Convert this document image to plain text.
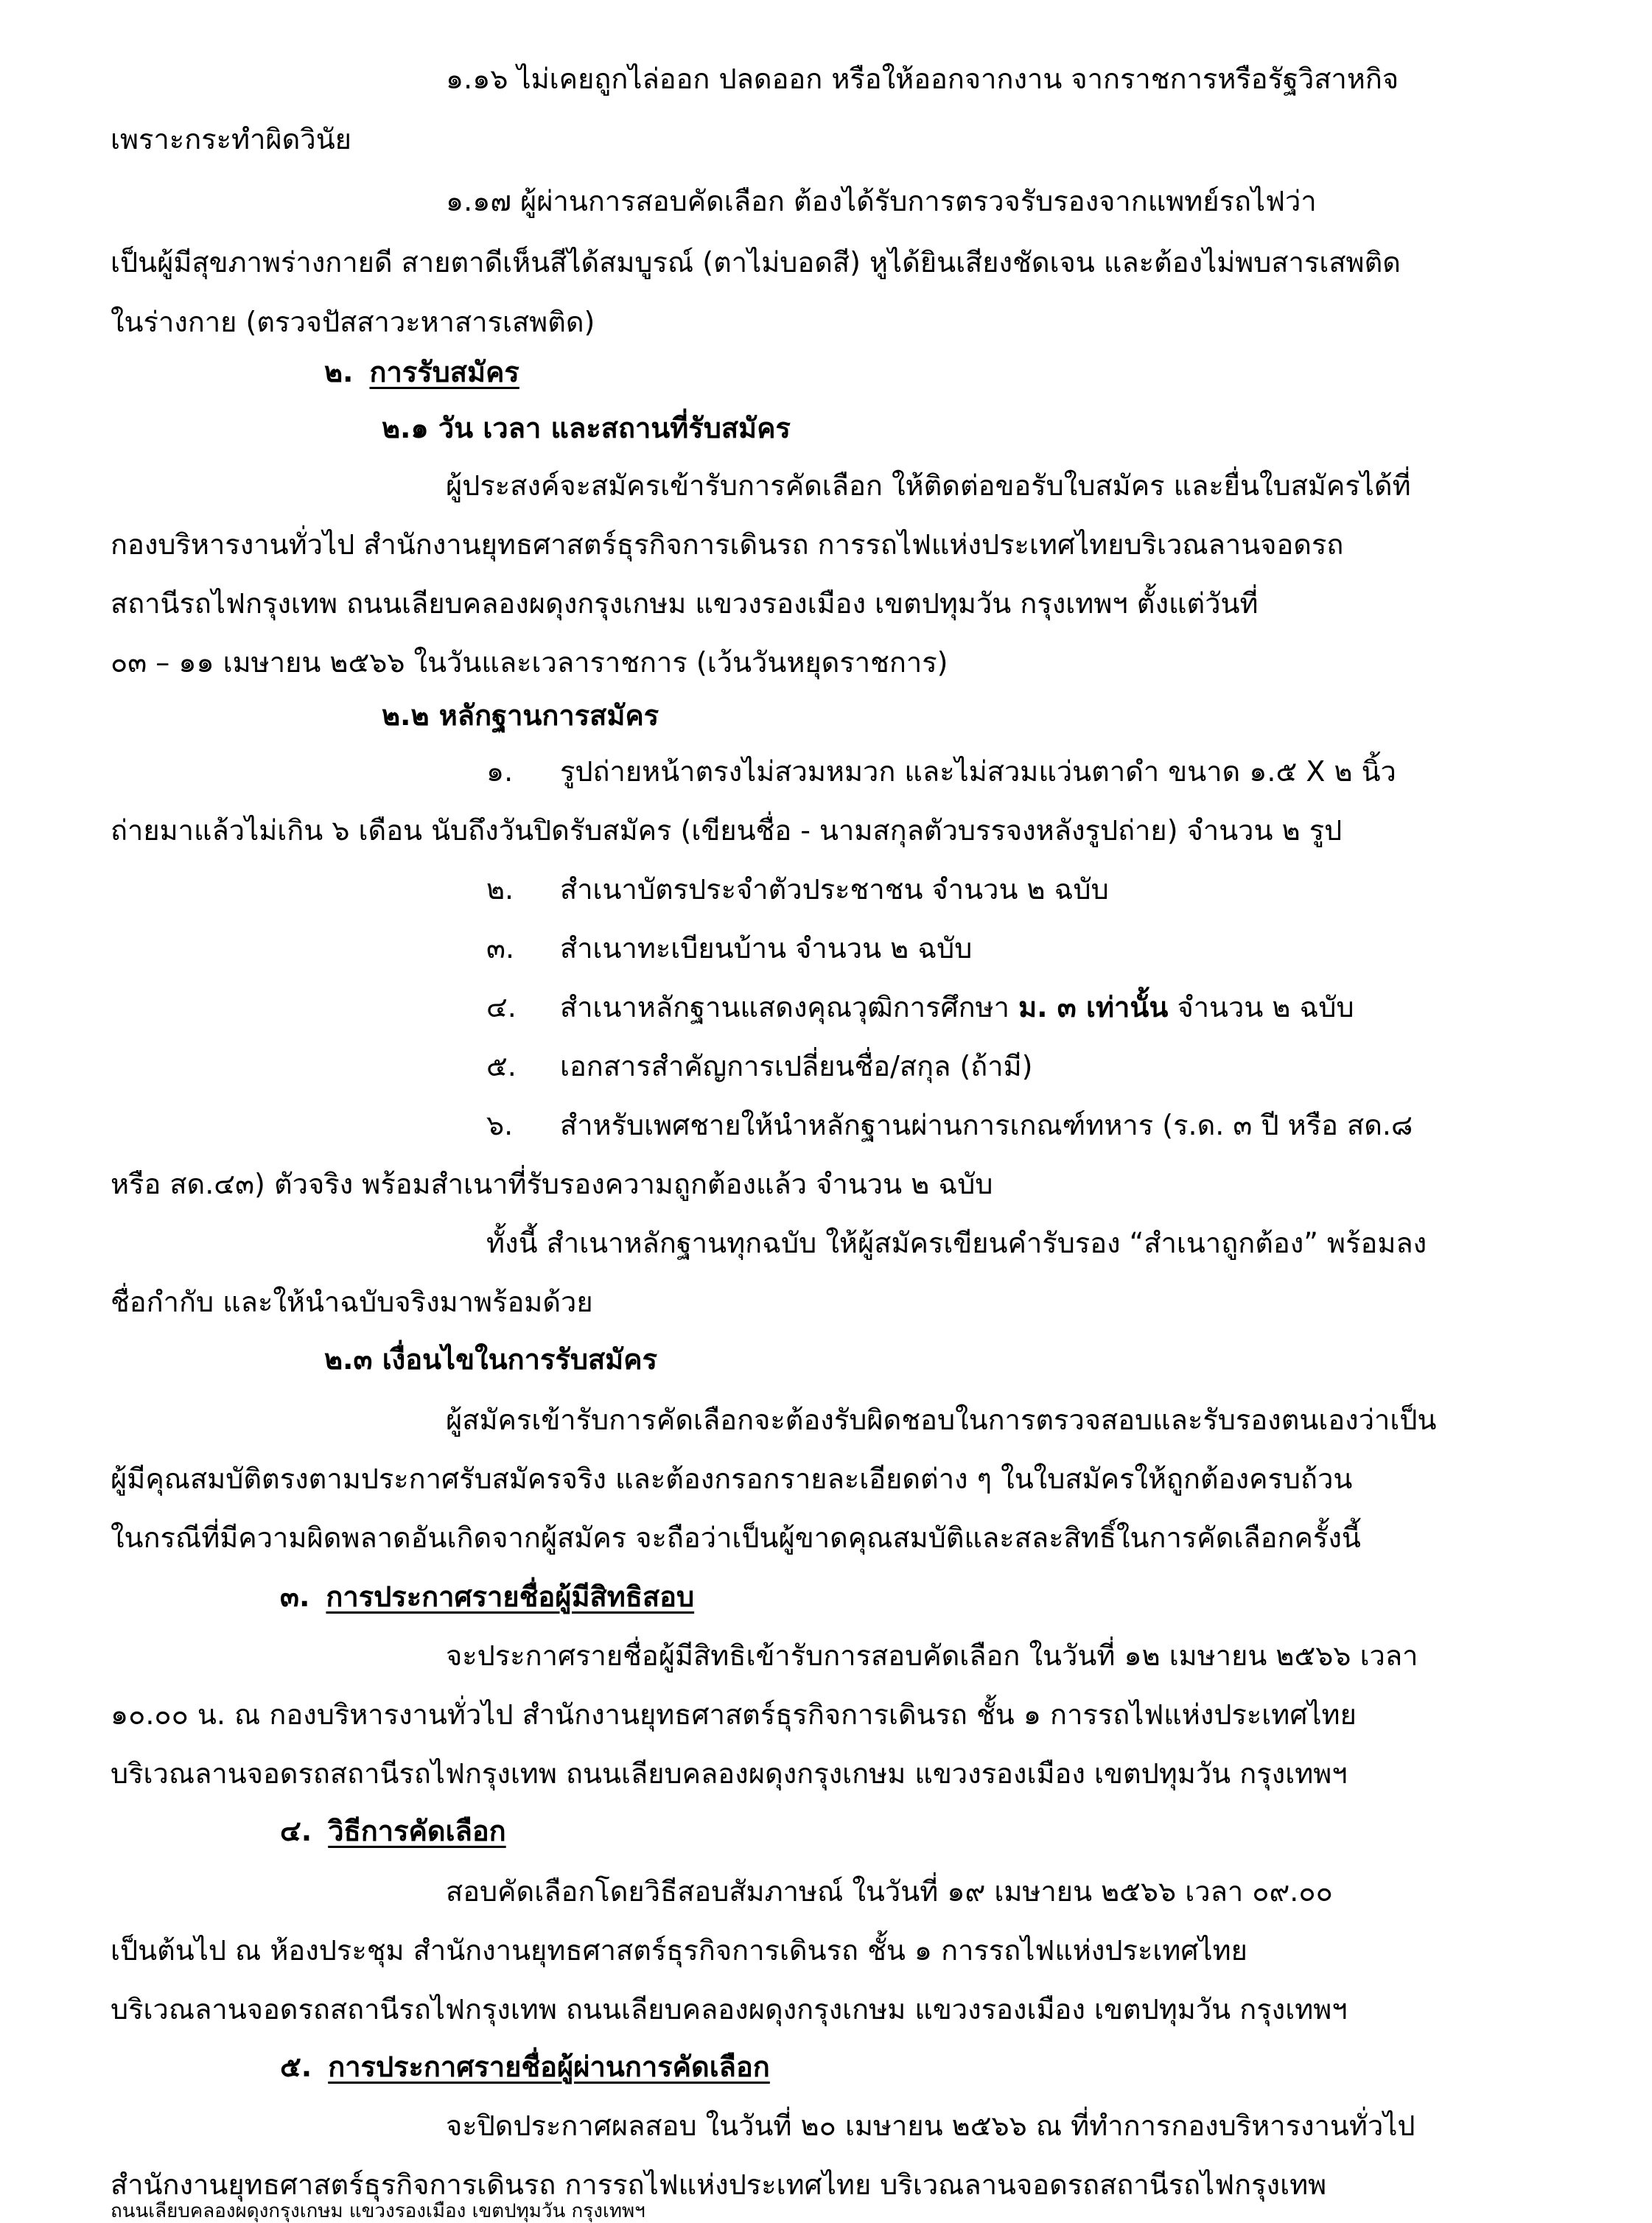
๑.๑๖ ไม่เคยถูกไล่ออก ปลดออก หรือให้ออกจากงาน จากราชการหรือรัฐวิสาหกิจ
เพราะกระทำผิดวินัย
๑.๑๗ ผู้ผ่านการสอบคัดเลือก ต้องได้รับการตรวจรับรองจากแพทย์รถไฟว่า
เป็นผู้มีสุขภาพร่างกายดี สายตาดีเห็นสีได้สมบูรณ์ (ตาไม่บอดสี) หูได้ยินเสียงชัดเจน และต้องไม่พบสารเสพติด
ในร่างกาย (ตรวจปัสสาวะหาสารเสพติด)
๒. การรับสมัคร
๒.๑ วัน เวลา และสถานที่รับสมัคร
ผู้ประสงค์จะสมัครเข้ารับการคัดเลือก ให้ติดต่อขอรับใบสมัคร และยื่นใบสมัครได้ที่
กองบริหารงานทั่วไป สำนักงานยุทธศาสตร์ธุรกิจการเดินรถ การรถไฟแห่งประเทศไทยบริเวณลานจอดรถ
สถานีรถไฟกรุงเทพ ถนนเลียบคลองผดุงกรุงเกษม แขวงรองเมือง เขตปทุมวัน กรุงเทพฯ ตั้งแต่วันที่
๐๓ – ๑๑ เมษายน ๒๕๖๖ ในวันและเวลาราชการ (เว้นวันหยุดราชการ)
๒.๒ หลักฐานการสมัคร
๑. รูปถ่ายหน้าตรงไม่สวมหมวก และไม่สวมแว่นตาดำ ขนาด ๑.๕ X ๒ นิ้ว
ถ่ายมาแล้วไม่เกิน ๖ เดือน นับถึงวันปิดรับสมัคร (เขียนชื่อ - นามสกุลตัวบรรจงหลังรูปถ่าย) จำนวน ๒ รูป
๒. สำเนาบัตรประจำตัวประชาชน จำนวน ๒ ฉบับ
๓. สำเนาทะเบียนบ้าน จำนวน ๒ ฉบับ
๔. สำเนาหลักฐานแสดงคุณวุฒิการศึกษา ม. ๓ เท่านั้น จำนวน ๒ ฉบับ
๕. เอกสารสำคัญการเปลี่ยนชื่อ/สกุล (ถ้ามี)
๖. สำหรับเพศชายให้นำหลักฐานผ่านการเกณฑ์ทหาร (ร.ด. ๓ ปี หรือ สด.๘
หรือ สด.๔๓) ตัวจริง พร้อมสำเนาที่รับรองความถูกต้องแล้ว จำนวน ๒ ฉบับ
ทั้งนี้ สำเนาหลักฐานทุกฉบับ ให้ผู้สมัครเขียนคำรับรอง “สำเนาถูกต้อง” พร้อมลง
ชื่อกำกับ และให้นำฉบับจริงมาพร้อมด้วย
๒.๓ เงื่อนไขในการรับสมัคร
ผู้สมัครเข้ารับการคัดเลือกจะต้องรับผิดชอบในการตรวจสอบและรับรองตนเองว่าเป็น
ผู้มีคุณสมบัติตรงตามประกาศรับสมัครจริง และต้องกรอกรายละเอียดต่าง ๆ ในใบสมัครให้ถูกต้องครบถ้วน
ในกรณีที่มีความผิดพลาดอันเกิดจากผู้สมัคร จะถือว่าเป็นผู้ขาดคุณสมบัติและสละสิทธิ์ในการคัดเลือกครั้งนี้
๓. การประกาศรายชื่อผู้มีสิทธิสอบ
จะประกาศรายชื่อผู้มีสิทธิเข้ารับการสอบคัดเลือก ในวันที่ ๑๒ เมษายน ๒๕๖๖ เวลา
๑๐.๐๐ น. ณ กองบริหารงานทั่วไป สำนักงานยุทธศาสตร์ธุรกิจการเดินรถ ชั้น ๑ การรถไฟแห่งประเทศไทย
บริเวณลานจอดรถสถานีรถไฟกรุงเทพ ถนนเลียบคลองผดุงกรุงเกษม แขวงรองเมือง เขตปทุมวัน กรุงเทพฯ
๔. วิธีการคัดเลือก
สอบคัดเลือกโดยวิธีสอบสัมภาษณ์ ในวันที่ ๑๙ เมษายน ๒๕๖๖ เวลา ๐๙.๐๐
เป็นต้นไป ณ ห้องประชุม สำนักงานยุทธศาสตร์ธุรกิจการเดินรถ ชั้น ๑ การรถไฟแห่งประเทศไทย
บริเวณลานจอดรถสถานีรถไฟกรุงเทพ ถนนเลียบคลองผดุงกรุงเกษม แขวงรองเมือง เขตปทุมวัน กรุงเทพฯ
๕. การประกาศรายชื่อผู้ผ่านการคัดเลือก
จะปิดประกาศผลสอบ ในวันที่ ๒๐ เมษายน ๒๕๖๖ ณ ที่ทำการกองบริหารงานทั่วไป
สำนักงานยุทธศาสตร์ธุรกิจการเดินรถ การรถไฟแห่งประเทศไทย บริเวณลานจอดรถสถานีรถไฟกรุงเทพ
ถนนเลียบคลองผดุงกรุงเกษม แขวงรองเมือง เขตปทุมวัน กรุงเทพฯ
